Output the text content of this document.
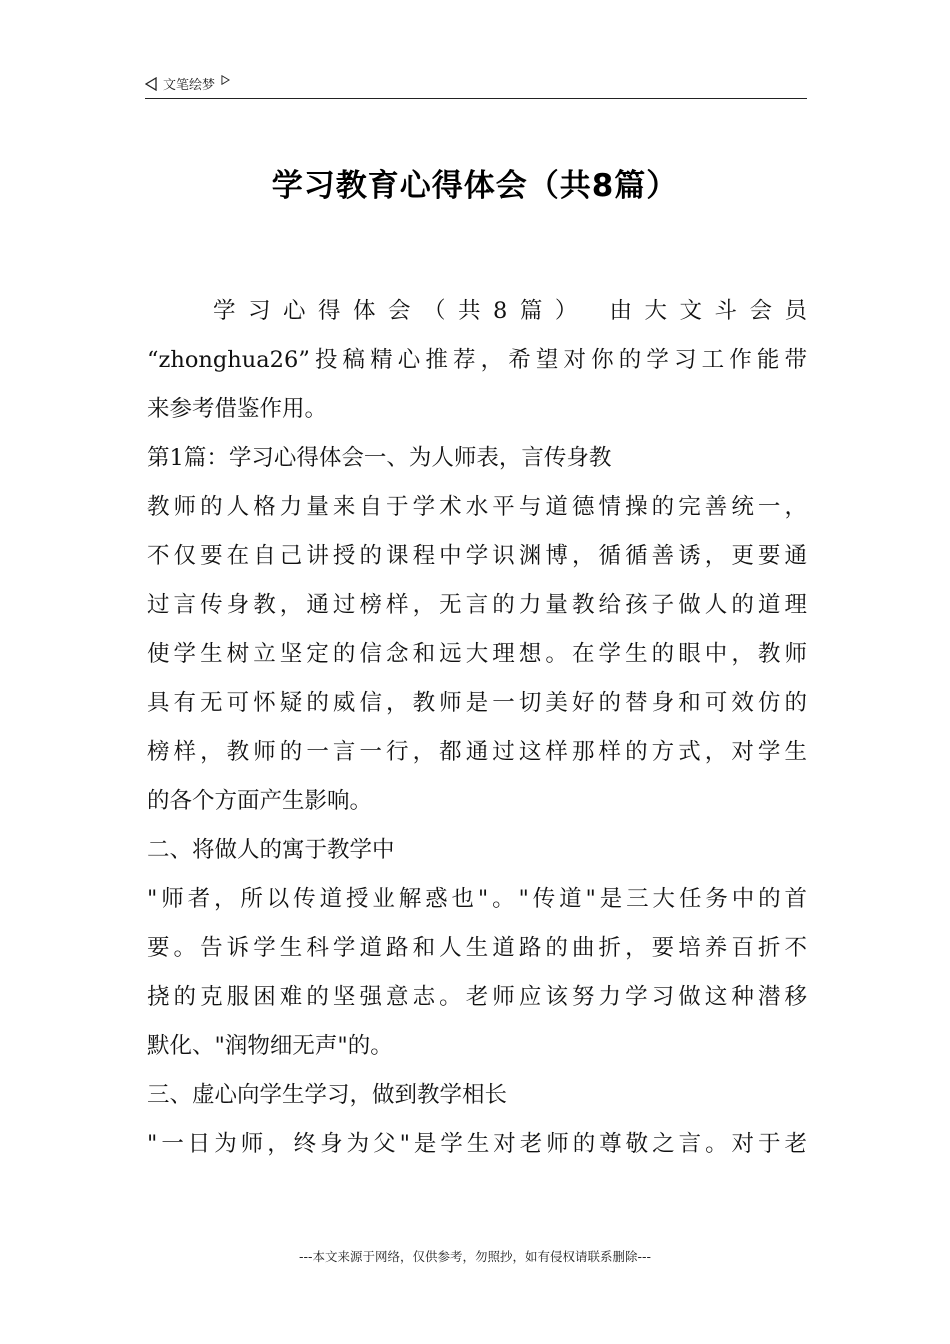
文笔绘梦
学习教育心得体会（共8篇）
学习心得体会（共8篇） 由大文斗会员
“zhonghua26”投稿精心推荐，希望对你的学习工作能带
来参考借鉴作用。
第1篇：学习心得体会一、为人师表，言传身教
教师的人格力量来自于学术水平与道德情操的完善统一，
不仅要在自己讲授的课程中学识渊博，循循善诱，更要通
过言传身教，通过榜样，无言的力量教给孩子做人的道理
使学生树立坚定的信念和远大理想。在学生的眼中，教师
具有无可怀疑的威信，教师是一切美好的替身和可效仿的
榜样，教师的一言一行，都通过这样那样的方式，对学生
的各个方面产生影响。
二、将做人的寓于教学中
"师者，所以传道授业解惑也"。"传道"是三大任务中的首
要。告诉学生科学道路和人生道路的曲折，要培养百折不
挠的克服困难的坚强意志。老师应该努力学习做这种潜移
默化、"润物细无声"的。
三、虚心向学生学习，做到教学相长
"一日为师，终身为父"是学生对老师的尊敬之言。对于老
---本文来源于网络，仅供参考，勿照抄，如有侵权请联系删除---
